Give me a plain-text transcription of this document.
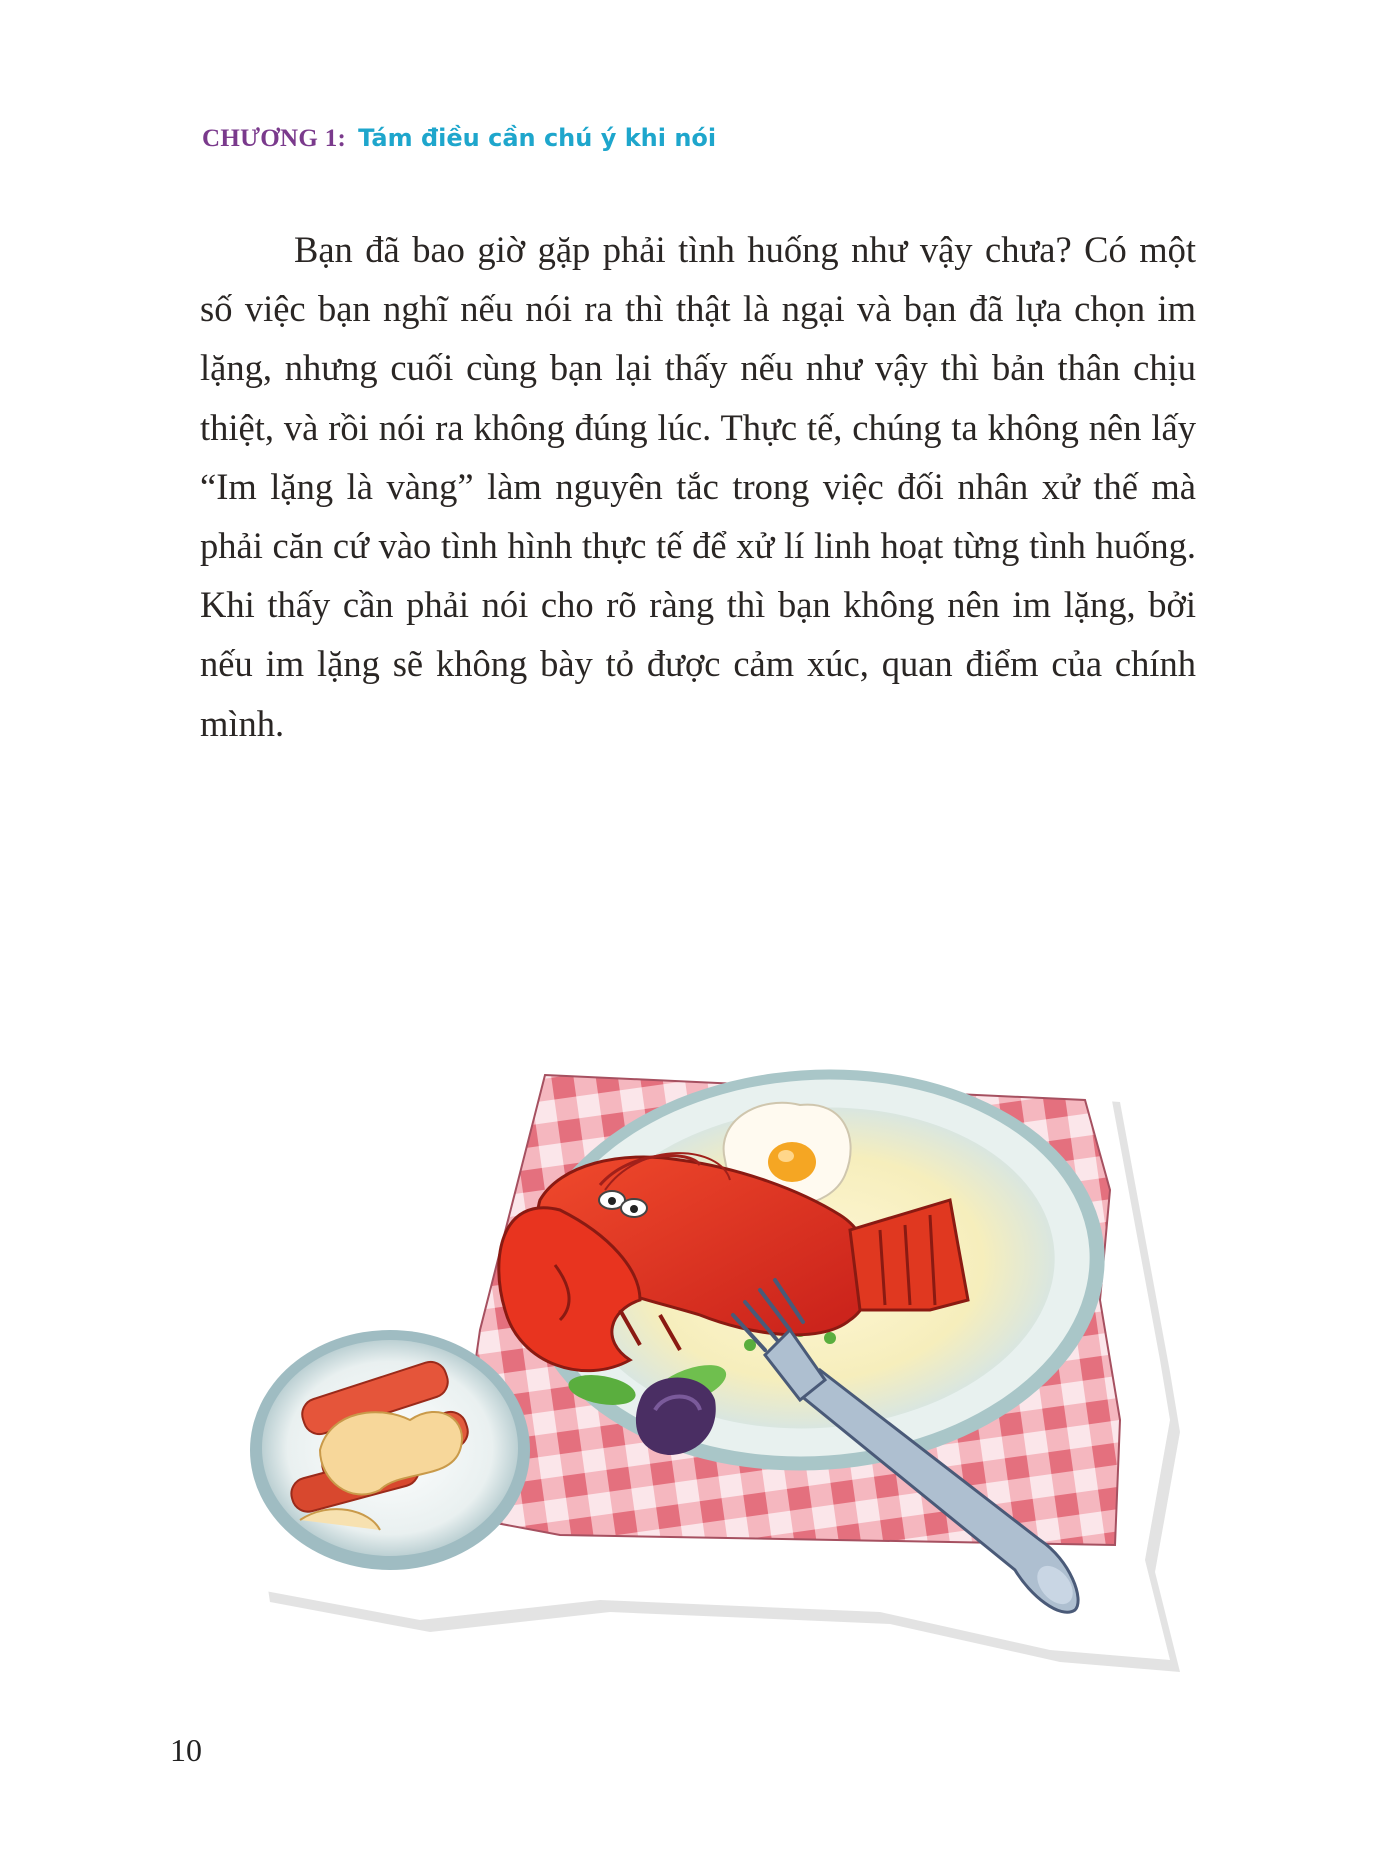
CHƯƠNG 1: Tám điều cần chú ý khi nói

Bạn đã bao giờ gặp phải tình huống như vậy chưa? Có một số việc bạn nghĩ nếu nói ra thì thật là ngại và bạn đã lựa chọn im lặng, nhưng cuối cùng bạn lại thấy nếu như vậy thì bản thân chịu thiệt, và rồi nói ra không đúng lúc. Thực tế, chúng ta không nên lấy “Im lặng là vàng” làm nguyên tắc trong việc đối nhân xử thế mà phải căn cứ vào tình hình thực tế để xử lí linh hoạt từng tình huống. Khi thấy cần phải nói cho rõ ràng thì bạn không nên im lặng, bởi nếu im lặng sẽ không bày tỏ được cảm xúc, quan điểm của chính mình.

10
